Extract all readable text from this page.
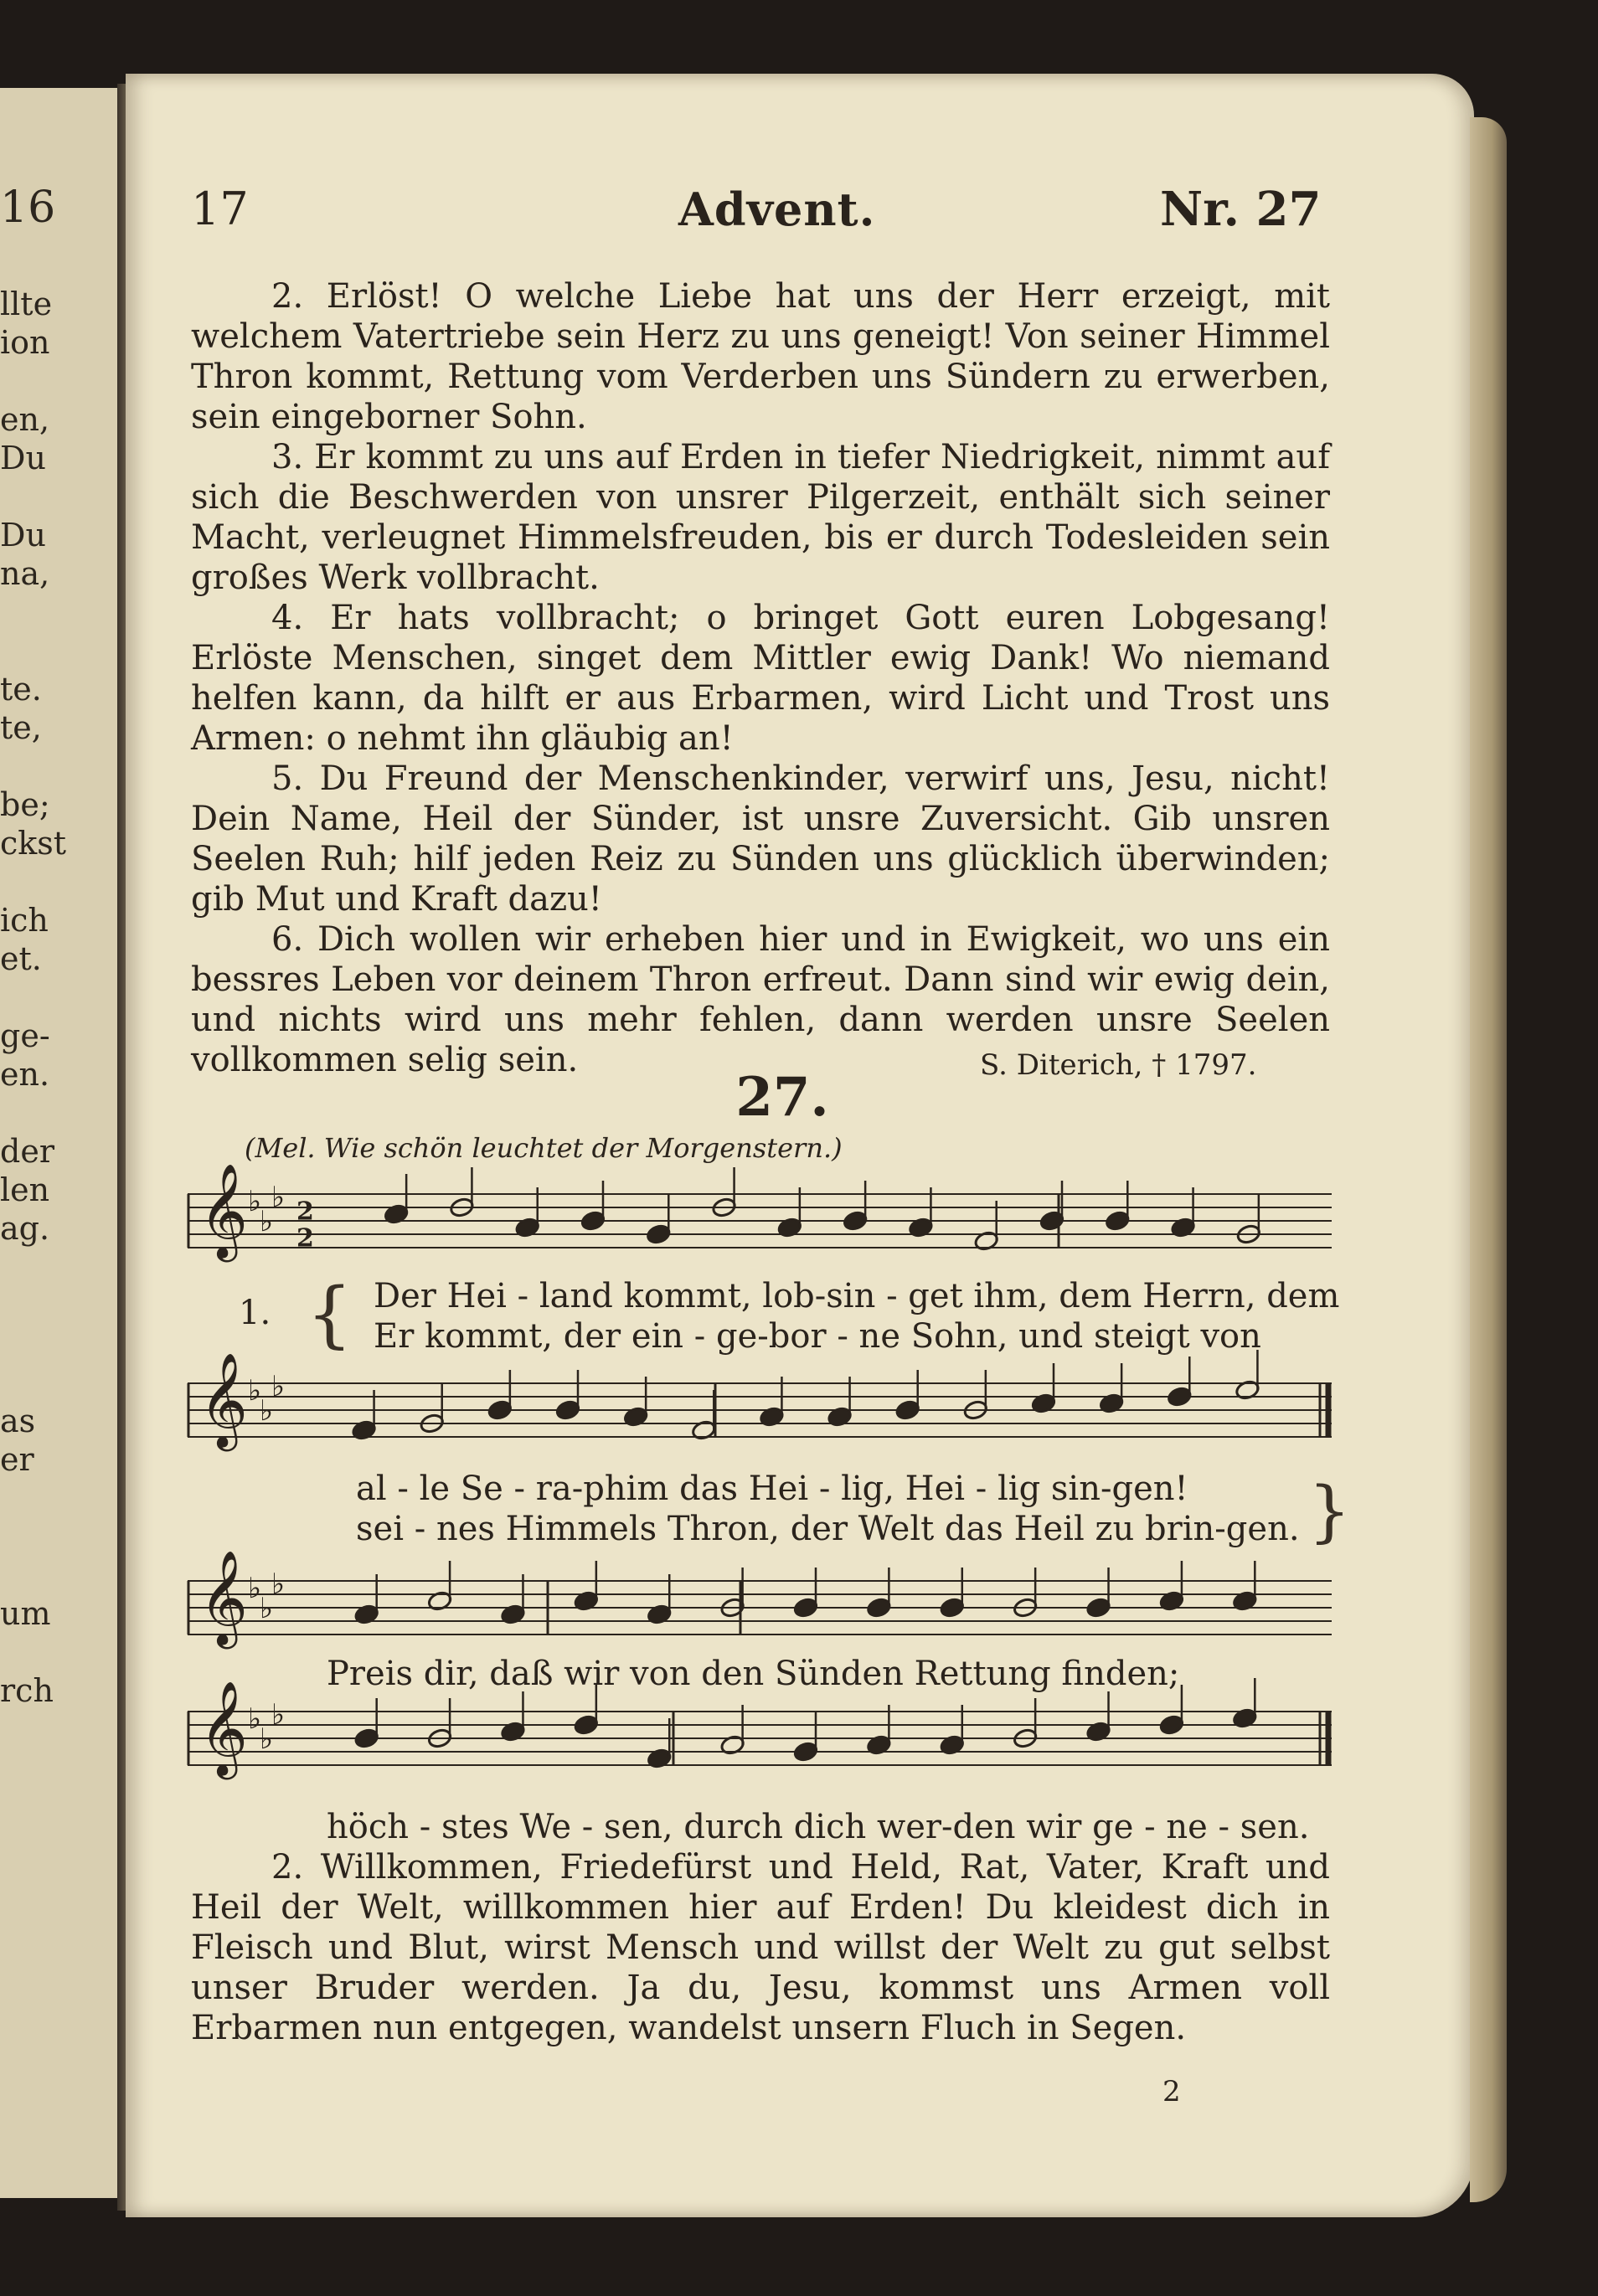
16
llte
ion
en,
Du
Du
na,
te.
te,
be;
ckst
ich
et.
ge-
en.
der
len
ag.
as
er
um
rch
17	Advent.	Nr. 27

2. Erlöst! O welche Liebe hat uns der Herr erzeigt, mit welchem Vatertriebe sein Herz zu uns geneigt! Von seiner Himmel Thron kommt, Rettung vom Verderben uns Sündern zu erwerben, sein eingeborner Sohn.

3. Er kommt zu uns auf Erden in tiefer Niedrigkeit, nimmt auf sich die Beschwerden von unsrer Pilgerzeit, enthält sich seiner Macht, verleugnet Himmelsfreuden, bis er durch Todesleiden sein großes Werk vollbracht.

4. Er hats vollbracht; o bringet Gott euren Lobgesang! Erlöste Menschen, singet dem Mittler ewig Dank! Wo niemand helfen kann, da hilft er aus Erbarmen, wird Licht und Trost uns Armen: o nehmt ihn gläubig an!

5. Du Freund der Menschenkinder, verwirf uns, Jesu, nicht! Dein Name, Heil der Sünder, ist unsre Zuversicht. Gib unsren Seelen Ruh; hilf jeden Reiz zu Sünden uns glücklich überwinden; gib Mut und Kraft dazu!

6. Dich wollen wir erheben hier und in Ewigkeit, wo uns ein bessres Leben vor deinem Thron erfreut. Dann sind wir ewig dein, und nichts wird uns mehr fehlen, dann werden unsre Seelen vollkommen selig sein.	S. Diterich, † 1797.
27.
(Mel. Wie schön leuchtet der Morgenstern.)
𝄞 ♭
♭
♭ 2
2
𝄞 ♭
♭
♭
𝄞 ♭
♭
♭
𝄞 ♭
♭
♭
1. { Der Hei - land kommt, lob-sin - get ihm, dem Herrn, dem
Er kommt, der ein - ge-bor - ne Sohn, und steigt von
al - le Se - ra-phim das Hei - lig, Hei - lig sin-gen!
sei - nes Himmels Thron, der Welt das Heil zu brin-gen. }
Preis dir, daß wir von den Sünden Rettung finden;
höch - stes We - sen, durch dich wer-den wir ge - ne - sen.

2. Willkommen, Friedefürst und Held, Rat, Vater, Kraft und Heil der Welt, willkommen hier auf Erden! Du kleidest dich in Fleisch und Blut, wirst Mensch und willst der Welt zu gut selbst unser Bruder werden. Ja du, Jesu, kommst uns Armen voll Erbarmen nun entgegen, wandelst unsern Fluch in Segen.

2
